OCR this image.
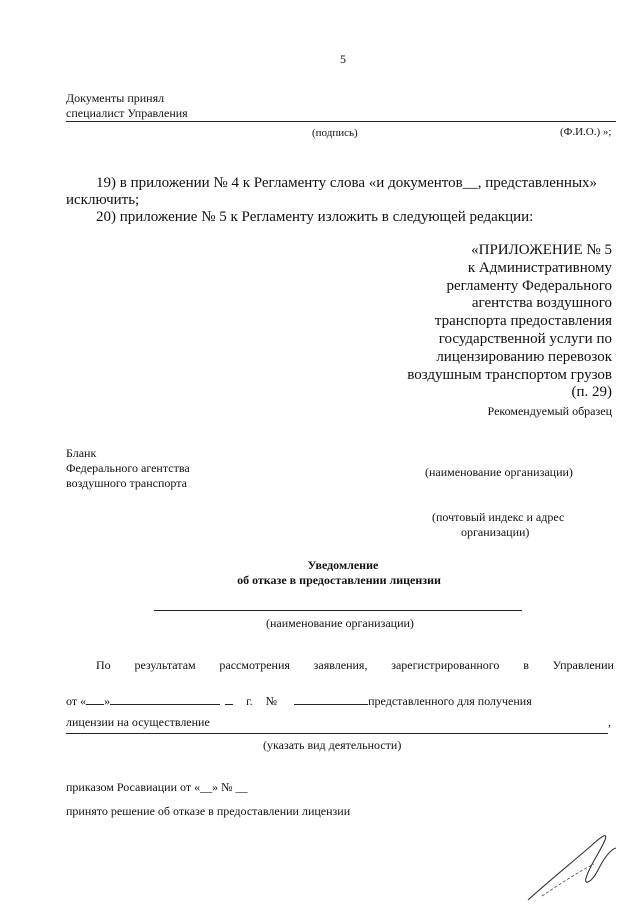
5
Документы принял
специалист Управления
(подпись)	(Ф.И.О.) »;
19) в приложении № 4 к Регламенту слова «и документов__, представленных»
исключить;
20) приложение № 5 к Регламенту изложить в следующей редакции:
«ПРИЛОЖЕНИЕ № 5
к Административному
регламенту Федерального
агентства воздушного
транспорта предоставления
государственной услуги по
лицензированию перевозок
воздушным транспортом грузов
(п. 29)
Рекомендуемый образец
Бланк
Федерального агентства
воздушного транспорта
(наименование организации)
(почтовый индекс и адрес
организации)
Уведомление
об отказе в предоставлении лицензии
(наименование организации)
По результатам рассмотрения заявления, зарегистрированного в Управлении
от « »	г. №	представленного для получения
лицензии на осуществление	,
(указать вид деятельности)
приказом Росавиации от «__» № __
принято решение об отказе в предоставлении лицензии
